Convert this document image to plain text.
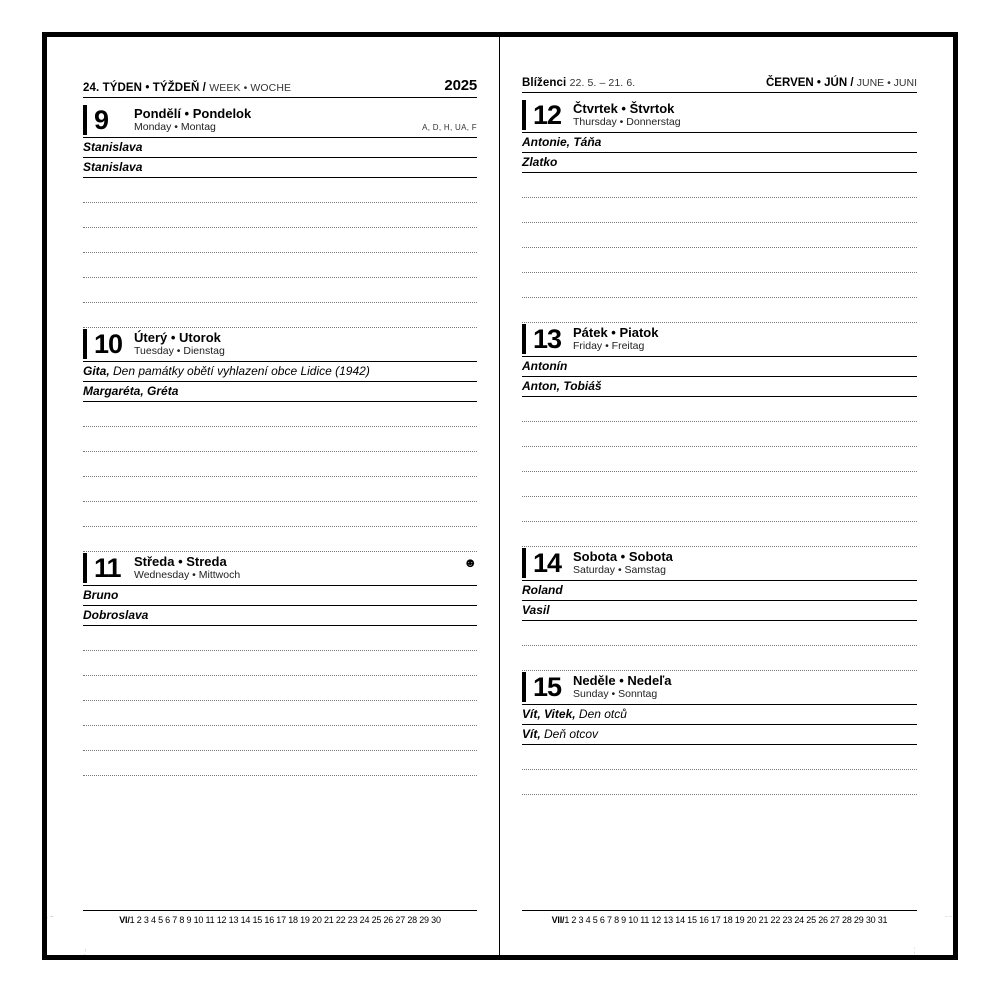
24. TÝDEN • TÝŽDEŇ / WEEK • WOCHE	2025
9	Pondělí • Pondelok
Monday • Montag	A, D, H, UA, F
Stanislava
Stanislava
10 Úterý • Utorok
Tuesday • Dienstag
Gita, Den památky obětí vyhlazení obce Lidice (1942)
Margaréta, Gréta
11	Středa • Streda
Wednesday • Mittwoch
☻
Bruno
Dobroslava
VI/1 2 3 4 5 6 7 8 9 10 11 12 13 14 15 16 17 18 19 20 21 22 23 24 25 26 27 28 29 30
Blíženci 22. 5. – 21. 6.	ČERVEN • JÚN / JUNE • JUNI
12 Čtvrtek • Štvrtok
Thursday • Donnerstag
Antonie, Táňa
Zlatko
13 Pátek • Piatok
Friday • Freitag
Antonín
Anton, Tobiáš
14 Sobota • Sobota
Saturday • Samstag
Roland
Vasil
15 Neděle • Nedeľa
Sunday • Sonntag
Vít, Vitek, Den otců
Vít, Deň otcov
VII/1 2 3 4 5 6 7 8 9 10 11 12 13 14 15 16 17 18 19 20 21 22 23 24 25 26 27 28 29 30 31
